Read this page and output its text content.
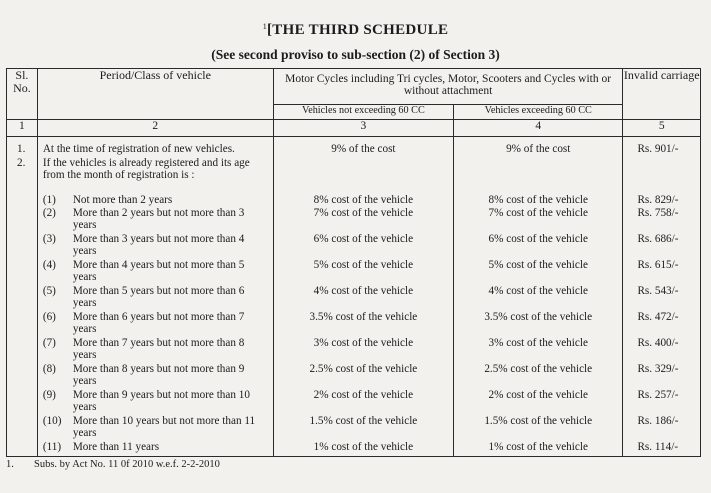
$^1$[THE THIRD SCHEDULE
(See second proviso to sub-section (2) of Section 3)
Sl. No.	Period/Class of vehicle	Motor Cycles including Tri cycles, Motor, Scooters and Cycles with or without attachment		Invalid carriage
		Vehicles not exceeding 60 CC	Vehicles exceeding 60 CC	
1	2	3	4	5
1.	At the time of registration of new vehicles.	9% of the cost	9% of the cost	Rs. 901/-
2.	If the vehicles is already registered and its age from the month of registration is :			

	(1) Not more than 2 years	8% cost of the vehicle	8% cost of the vehicle	Rs. 829/-

	(2) More than 2 years but not more than 3 years	7% cost of the vehicle	7% cost of the vehicle	Rs. 758/-

	(3) More than 3 years but not more than 4 years	6% cost of the vehicle	6% cost of the vehicle	Rs. 686/-

	(4) More than 4 years but not more than 5 years	5% cost of the vehicle	5% cost of the vehicle	Rs. 615/-

	(5) More than 5 years but not more than 6 years	4% cost of the vehicle	4% cost of the vehicle	Rs. 543/-

	(6) More than 6 years but not more than 7 years	3.5% cost of the vehicle	3.5% cost of the vehicle	Rs. 472/-

	(7) More than 7 years but not more than 8 years	3% cost of the vehicle	3% cost of the vehicle	Rs. 400/-

	(8) More than 8 years but not more than 9 years	2.5% cost of the vehicle	2.5% cost of the vehicle	Rs. 329/-

	(9) More than 9 years but not more than 10 years	2% cost of the vehicle	2% cost of the vehicle	Rs. 257/-

	(10) More than 10 years but not more than 11 years	1.5% cost of the vehicle	1.5% cost of the vehicle	Rs. 186/-

	(11) More than 11 years	1% cost of the vehicle	1% cost of the vehicle	Rs. 114/-
1. Subs. by Act No. 11 0f 2010 w.e.f. 2-2-2010
